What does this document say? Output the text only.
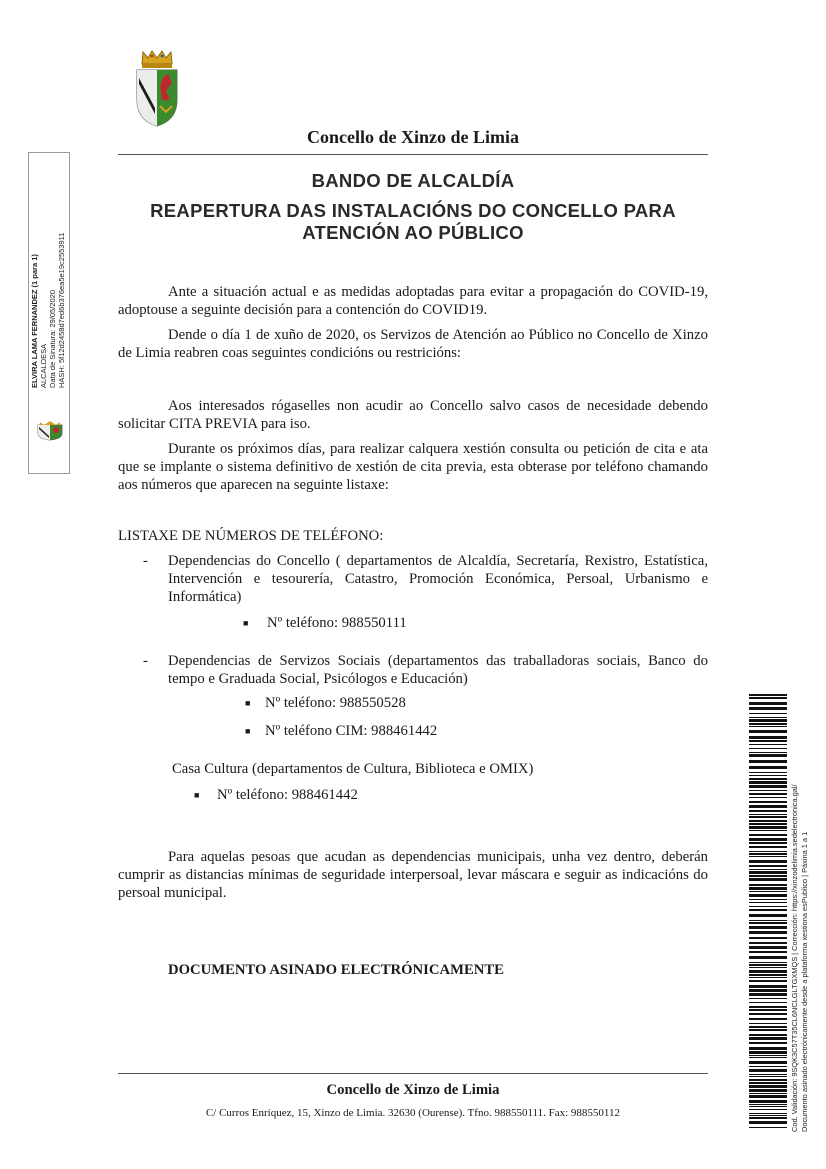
Concello de Xinzo de Limia
ELVIRA LAMA FERNANDEZ (1 para 1) ALCALDESA Data de Sinatura: 29/05/2020 HASH: 5f12d2458d7ed6b376ea5e19c2553911
BANDO DE ALCALDÍA
REAPERTURA DAS INSTALACIÓNS DO CONCELLO PARA
ATENCIÓN AO PÚBLICO
Ante a situación actual e as medidas adoptadas para evitar a propagación do COVID-19, adoptouse a seguinte decisión para a contención do COVID19.
Dende o día 1 de xuño de 2020, os Servizos de Atención ao Público no Concello de Xinzo de Limia reabren coas seguintes condicións ou restricións:
Aos interesados rógaselles non acudir ao Concello salvo casos de necesidade debendo solicitar CITA PREVIA para iso.
Durante os próximos días, para realizar calquera xestión consulta ou petición de cita e ata que se implante o sistema definitivo de xestión de cita previa, esta obterase por teléfono chamando aos números que aparecen na seguinte listaxe:
LISTAXE DE NÚMEROS DE TELÉFONO:
- Dependencias do Concello ( departamentos de Alcaldía, Secretaría, Rexistro, Estatística, Intervención e tesourería, Catastro, Promoción Económica, Persoal, Urbanismo e Informática)
■ Nº teléfono: 988550111
- Dependencias de Servizos Sociais (departamentos das traballadoras sociais, Banco do tempo e Graduada Social, Psicólogos e Educación)
■ Nº teléfono: 988550528
■ Nº teléfono CIM: 988461442
Casa Cultura (departamentos de Cultura, Biblioteca e OMIX)
■ Nº teléfono: 988461442
Para aquelas pesoas que acudan as dependencias municipais, unha vez dentro, deberán cumprir as distancias mínimas de seguridade interpersoal, levar máscara e seguir as indicacións do persoal municipal.
DOCUMENTO ASINADO ELECTRÓNICAMENTE
Concello de Xinzo de Limia
C/ Curros Enríquez, 15, Xinzo de Limia. 32630 (Ourense). Tfno. 988550111. Fax: 988550112	Cod. Validación: 9SQK3C57T35CL6NCLGLTGXMQS | Corrección: https://xinzodelimia.sedelectronica.gal/ Documento asinado electrónicamente desde a plataforma xestiona esPublico | Páxina 1 a 1
